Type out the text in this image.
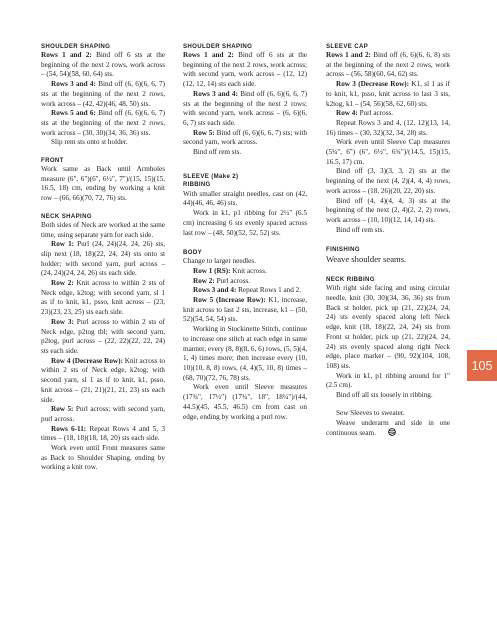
SHOULDER SHAPING

Rows 1 and 2: Bind off 6 sts at the beginning of the next 2 rows, work across – (54, 54)(58, 60, 64) sts.

Rows 3 and 4: Bind off (6, 6)(6, 6, 7) sts at the beginning of the next 2 rows, work across – (42, 42)(46, 48, 50) sts.

Rows 5 and 6: Bind off (6, 6)(6, 6, 7) sts at the beginning of the next 2 rows, work across – (30, 30)(34, 36, 36) sts.

Slip rem sts onto st holder.

FRONT

Work same as Back until Armholes measure (6", 6")(6", 6½", 7")/(15, 15)(15, 16.5, 18) cm, ending by working a knit row – (66, 66)(70, 72, 76) sts.

NECK SHAPING

Both sides of Neck are worked at the same time, using separate yarn for each side.

Row 1: Purl (24, 24)(24, 24, 26) sts, slip next (18, 18)(22, 24, 24) sts onto st holder; with second yarn, purl across – (24, 24)(24, 24, 26) sts each side.

Row 2: Knit across to within 2 sts of Neck edge, k2tog; with second yarn, sl 1 as if to knit, k1, psso, knit across – (23, 23)(23, 23, 25) sts each side.

Row 3: Purl across to within 2 sts of Neck edge, p2tog tbl; with second yarn, p2tog, purl across – (22, 22)(22, 22, 24) sts each side.

Row 4 (Decrease Row): Knit across to within 2 sts of Neck edge, k2tog; with second yarn, sl 1 as if to knit, k1, psso, knit across – (21, 21)(21, 21, 23) sts each side.

Row 5: Purl across; with second yarn, purl across.

Rows 6-11: Repeat Rows 4 and 5, 3 times – (18, 18)(18, 18, 20) sts each side.

Work even until Front measures same as Back to Shoulder Shaping, ending by working a knit row.

SHOULDER SHAPING

Rows 1 and 2: Bind off 6 sts at the beginning of the next 2 rows, work across; with second yarn, work across – (12, 12)(12, 12, 14) sts each side.

Rows 3 and 4: Bind off (6, 6)(6, 6, 7) sts at the beginning of the next 2 rows; with second yarn, work across – (6, 6)(6, 6, 7) sts each side.

Row 5: Bind off (6, 6)(6, 6, 7) sts; with second yarn, work across.

Bind off rem sts.

SLEEVE (Make 2)
RIBBING

With smaller straight needles, cast on (42, 44)(46, 46, 46) sts.

Work in k1, p1 ribbing for 2½" (6.5 cm) increasing 6 sts evenly spaced across last row – (48, 50)(52, 52, 52) sts.

BODY

Change to larger needles.

Row 1 (RS): Knit across.

Row 2: Purl across.

Rows 3 and 4: Repeat Rows 1 and 2.

Row 5 (Increase Row): K1, increase, knit across to last 2 sts, increase, k1 – (50, 52)(54, 54, 54) sts.

Working in Stockinette Stitch, continue to increase one stitch at each edge in same manner, every (8, 8)(8, 6, 6) rows, (5, 5)(4, 1, 4) times more; then increase every (10, 10)(10, 8, 8) rows, (4, 4)(5, 10, 8) times – (68, 70)(72, 76, 78) sts.

Work even until Sleeve measures (17¾", 17½") (17¾", 18", 18¼")/(44, 44.5)(45, 45.5, 46.5) cm from cast on edge, ending by working a purl row.

SLEEVE CAP

Rows 1 and 2: Bind off (6, 6)(6, 6, 8) sts at the beginning of the next 2 rows, work across – (56, 58)(60, 64, 62) sts.

Row 3 (Decrease Row): K1, sl 1 as if to knit, k1, psso, knit across to last 3 sts, k2tog, k1 – (54, 56)(58, 62, 60) sts.

Row 4: Purl across.

Repeat Rows 3 and 4, (12, 12)(13, 14, 16) times – (30, 32)(32, 34, 28) sts.

Work even until Sleeve Cap measures (5¾", 6") (6", 6½", 6¾")/(14.5, 15)(15, 16.5, 17) cm.

Bind off (3, 3)(3, 3, 2) sts at the beginning of the next (4, 2)(4, 4, 4) rows, work across – (18, 26)(20, 22, 20) sts.

Bind off (4, 4)(4, 4, 3) sts at the beginning of the next (2, 4)(2, 2, 2) rows, work across – (10, 10)(12, 14, 14) sts.

Bind off rem sts.

FINISHING

Weave shoulder seams.

NECK RIBBING

With right side facing and using circular needle, knit (30, 30)(34, 36, 36) sts from Back st holder, pick up (21, 22)(24, 24, 24) sts evenly spaced along left Neck edge, knit (18, 18)(22, 24, 24) sts from Front st holder, pick up (21, 22)(24, 24, 24) sts evenly spaced along right Neck edge, place marker – (90, 92)(104, 108, 108) sts.

Work in k1, p1 ribbing around for 1" (2.5 cm).

Bind off all sts loosely in ribbing.

Sew Sleeves to sweater.

Weave underarm and side in one continuous seam.

105
